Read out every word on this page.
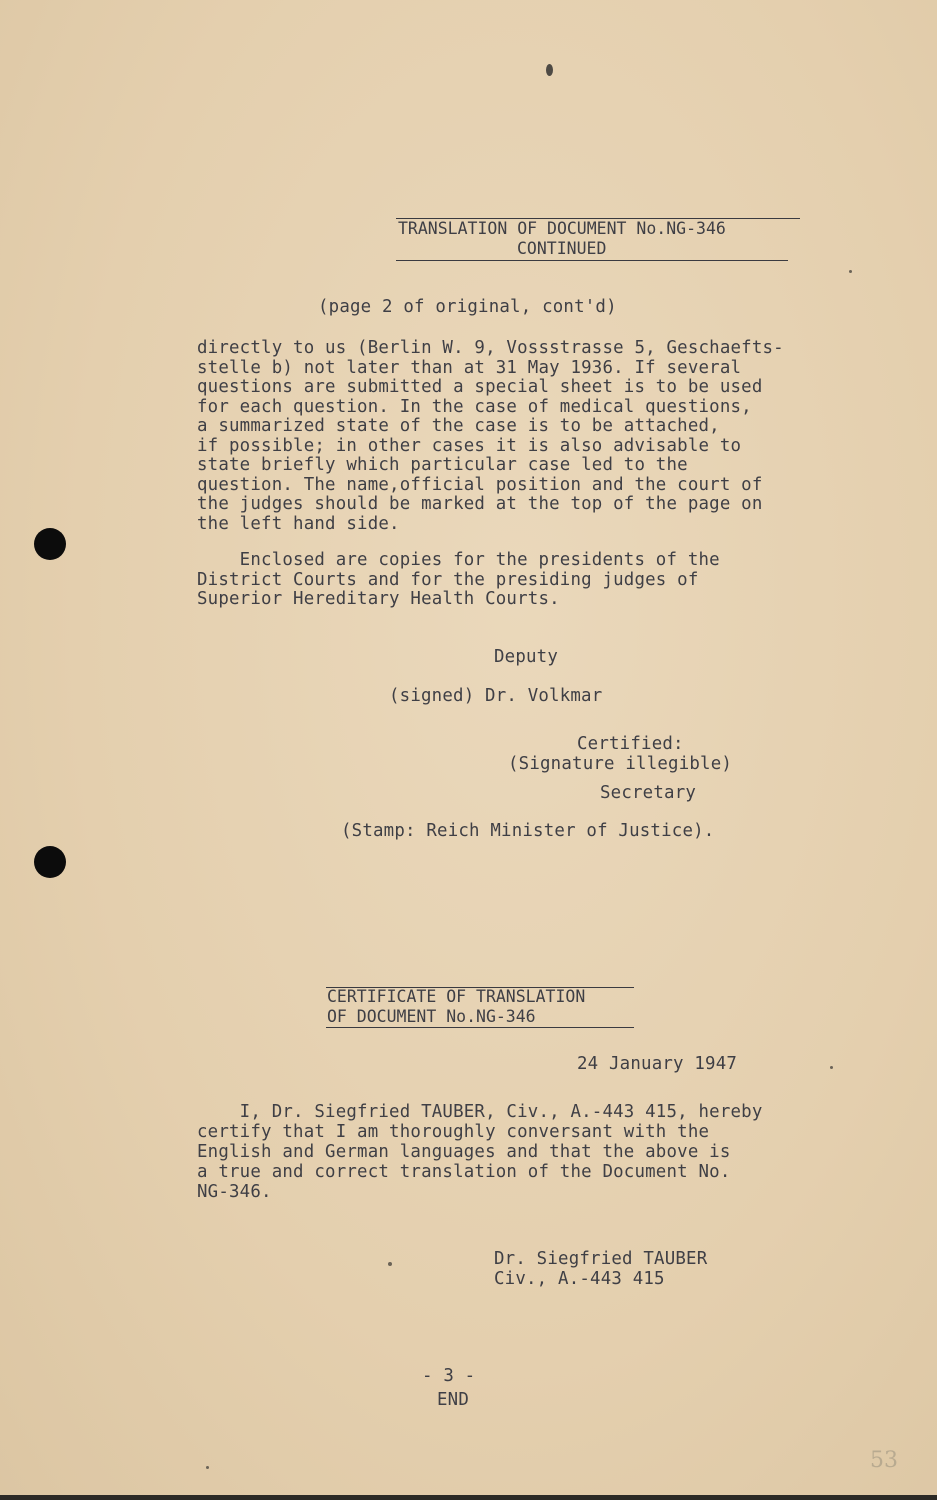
TRANSLATION OF DOCUMENT No.NG-346
CONTINUED
(page 2 of original, cont'd)
directly to us (Berlin W. 9, Vossstrasse 5, Geschaefts-
stelle b) not later than at 31 May 1936. If several
questions are submitted a special sheet is to be used
for each question. In the case of medical questions,
a summarized state of the case is to be attached,
if possible; in other cases it is also advisable to
state briefly which particular case led to the
question. The name,official position and the court of
the judges should be marked at the top of the page on
the left hand side.
Enclosed are copies for the presidents of the
District Courts and for the presiding judges of
Superior Hereditary Health Courts.
Deputy
(signed) Dr. Volkmar
Certified:
(Signature illegible)
Secretary
(Stamp: Reich Minister of Justice).
CERTIFICATE OF TRANSLATION
OF DOCUMENT No.NG-346
24 January 1947
I, Dr. Siegfried TAUBER, Civ., A.-443 415, hereby
certify that I am thoroughly conversant with the
English and German languages and that the above is
a true and correct translation of the Document No.
NG-346.
Dr. Siegfried TAUBER
Civ., A.-443 415
- 3 -
END
53
